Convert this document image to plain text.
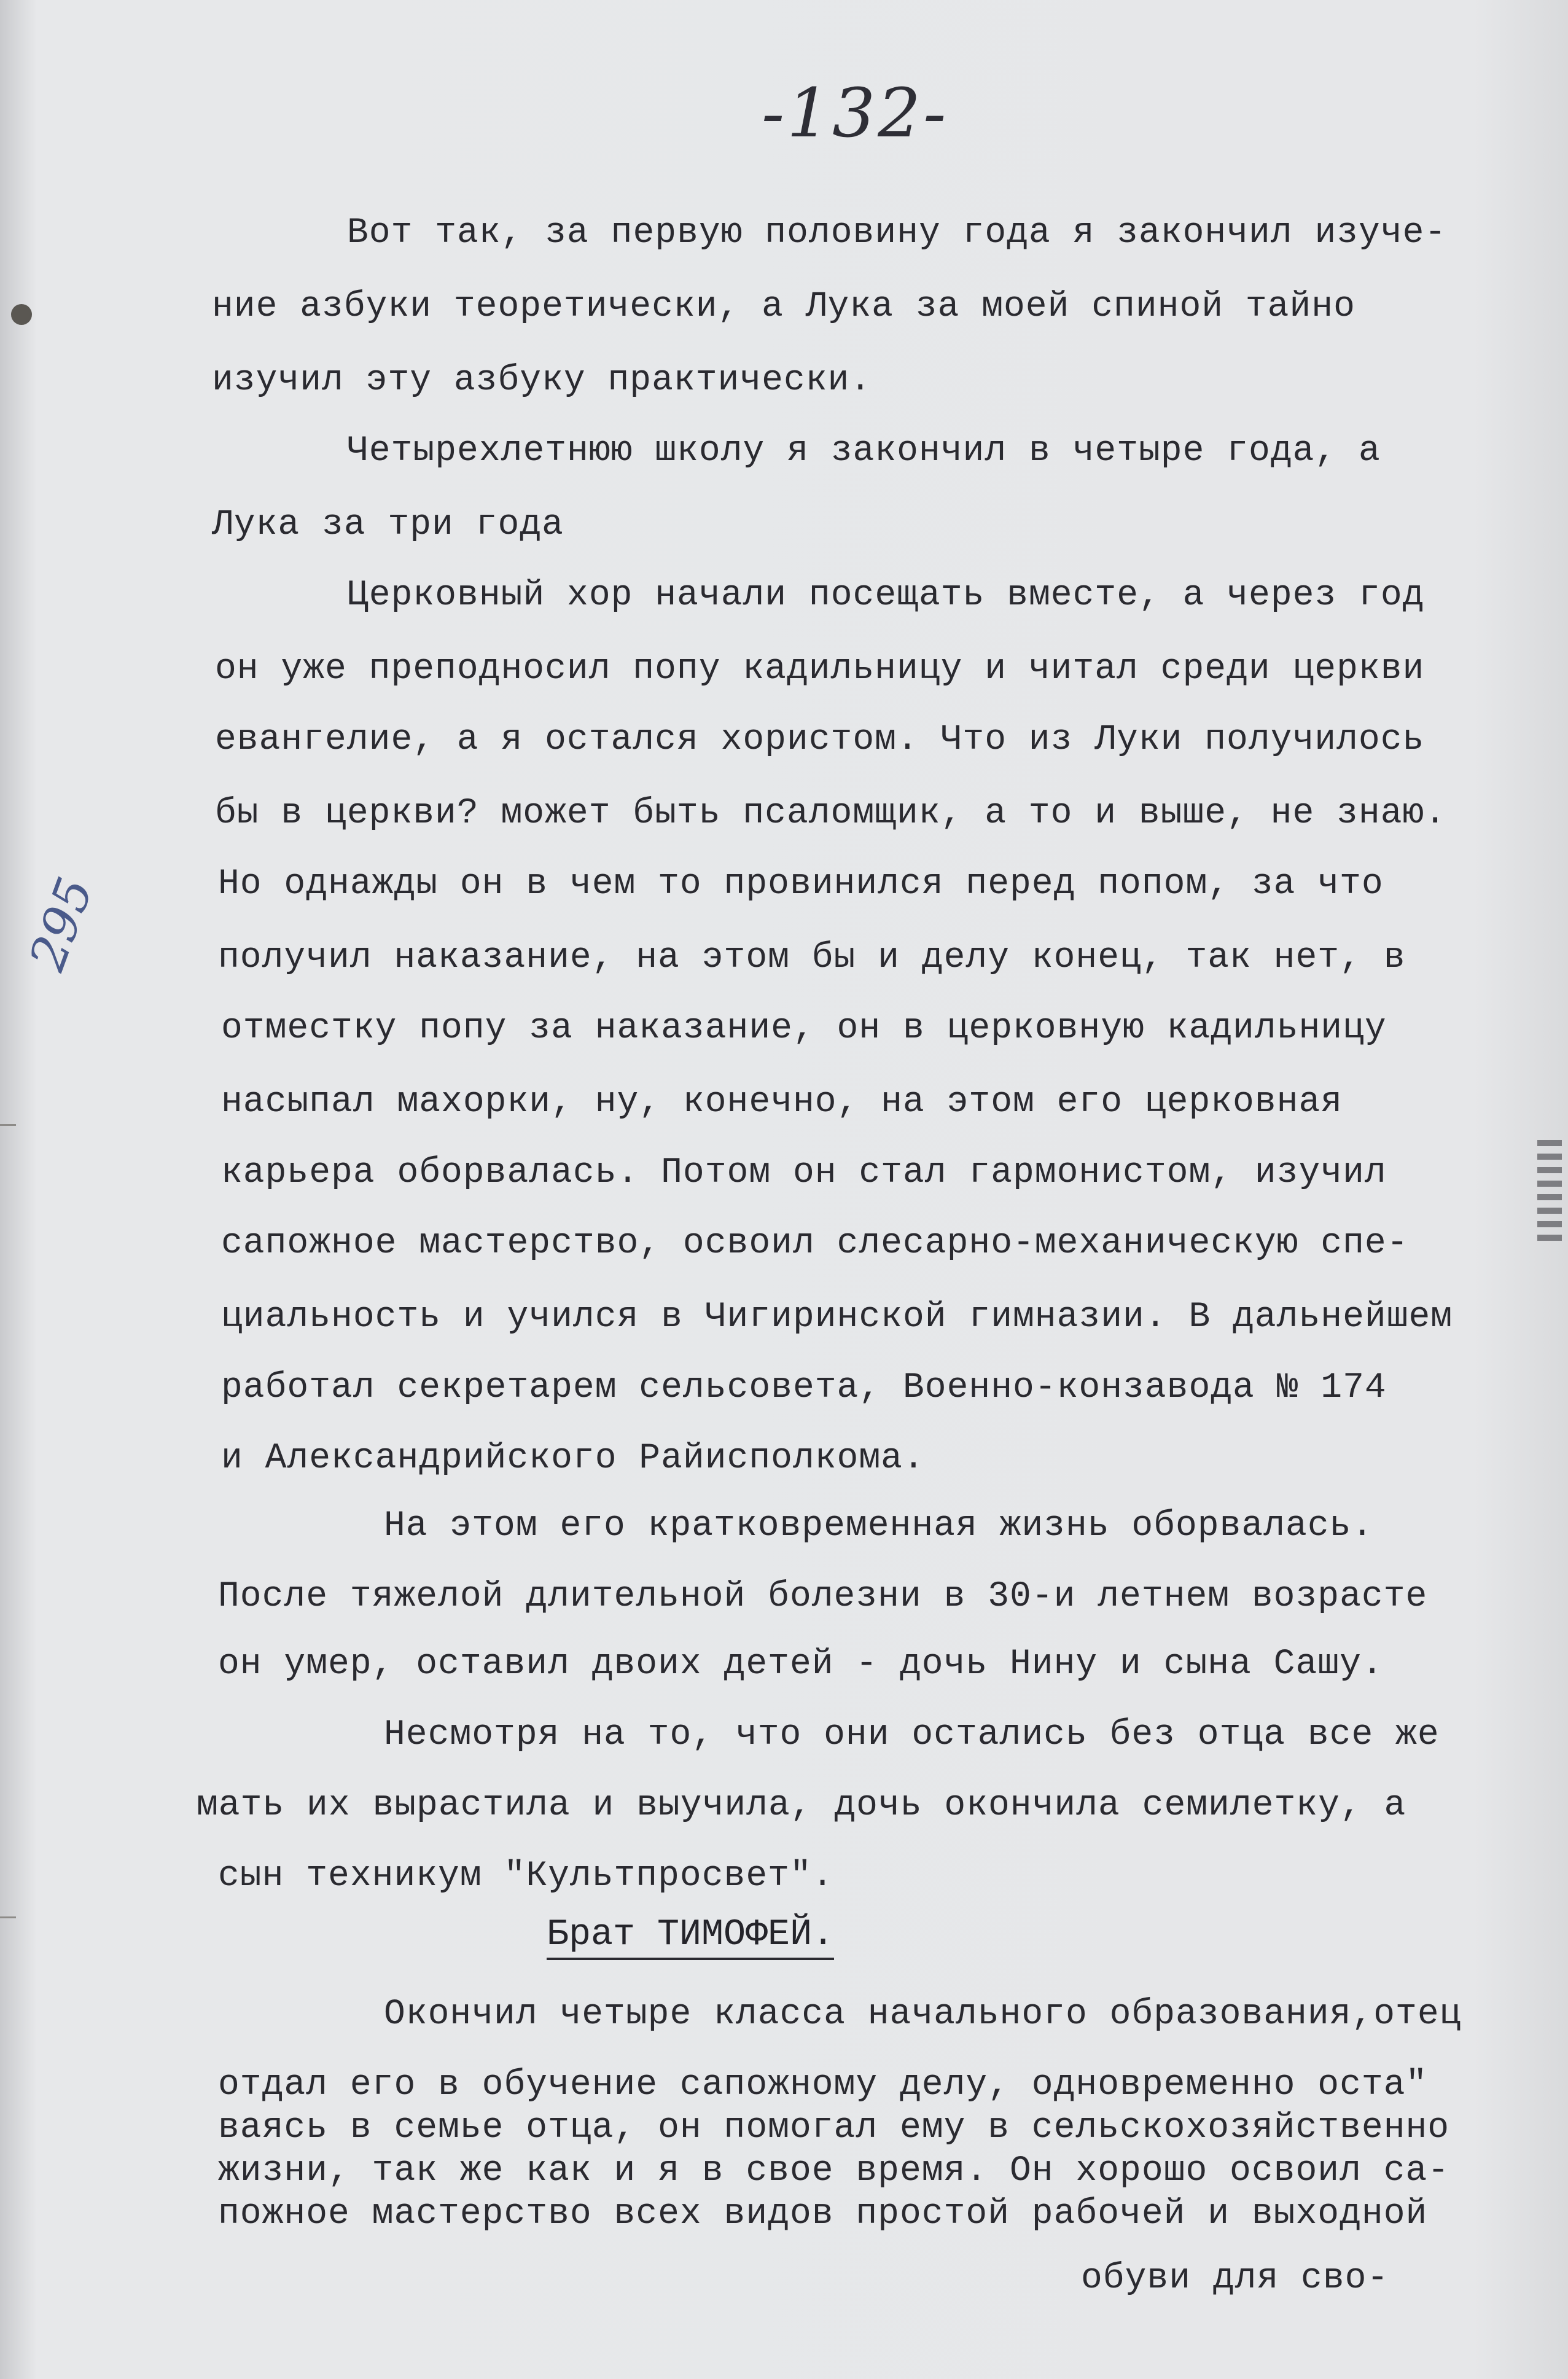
-132-
295
Вот так, за первую половину года я закончил изуче-
ние азбуки теоретически, а Лука за моей спиной тайно
изучил эту азбуку практически.
Четырехлетнюю школу я закончил в четыре года, а
Лука за три года
Церковный хор начали посещать вместе, а через год
он уже преподносил попу кадильницу и читал среди церкви
евангелие, а я остался хористом. Что из Луки получилось
бы в церкви? может быть псаломщик, а то и выше, не знаю.
Но однажды он в чем то провинился перед попом, за что
получил наказание, на этом бы и делу конец, так нет, в
отместку попу за наказание, он в церковную кадильницу
насыпал махорки, ну, конечно, на этом его церковная
карьера оборвалась. Потом он стал гармонистом, изучил
сапожное мастерство, освоил слесарно-механическую спе-
циальность и учился в Чигиринской гимназии. В дальнейшем
работал секретарем сельсовета, Военно-конзавода № 174
и Александрийского Райисполкома.
На этом его кратковременная жизнь оборвалась.
После тяжелой длительной болезни в 30-и летнем возрасте
он умер, оставил двоих детей - дочь Нину и сына Сашу.
Несмотря на то, что они остались без отца все же
мать их вырастила и выучила, дочь окончила семилетку, а
сын техникум "Культпросвет".
Брат ТИМОФЕЙ.
Окончил четыре класса начального образования,отец
отдал его в обучение сапожному делу, одновременно оста"
ваясь в семье отца, он помогал ему в сельскохозяйственно
жизни, так же как и я в свое время. Он хорошо освоил са-
пожное мастерство всех видов простой рабочей и выходной
обуви для сво-
